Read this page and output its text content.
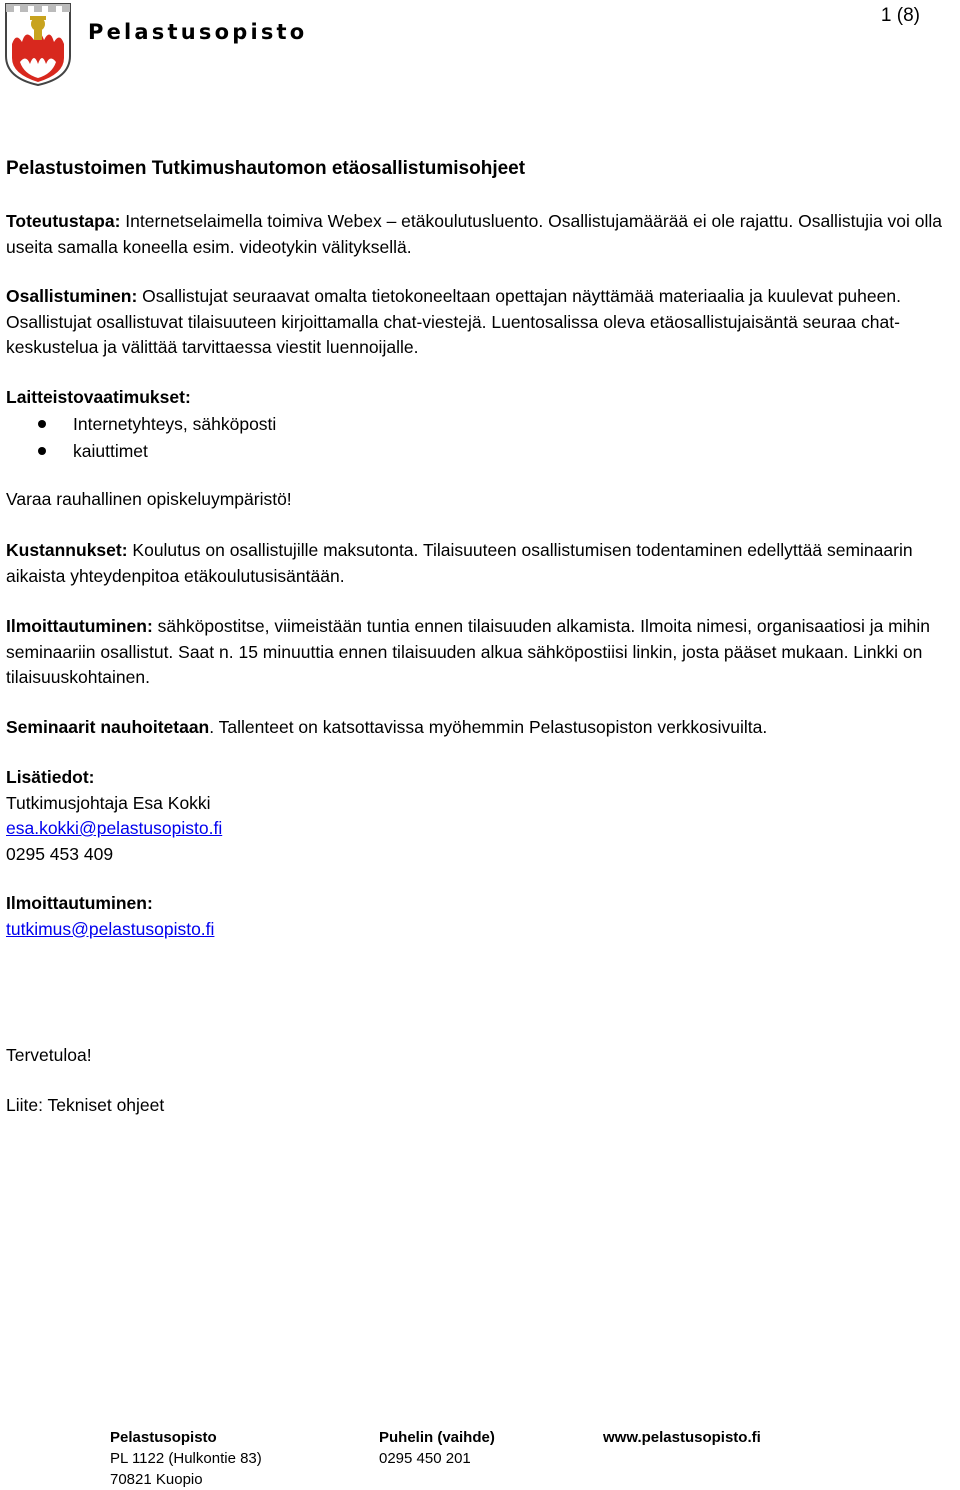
Pelastusopisto
1 (8)
Pelastustoimen Tutkimushautomon etäosallistumisohjeet
Toteutustapa: Internetselaimella toimiva Webex – etäkoulutusluento. Osallistujamäärää ei ole rajattu. Osallistujia voi olla useita samalla koneella esim. videotykin välityksellä.
Osallistuminen: Osallistujat seuraavat omalta tietokoneeltaan opettajan näyttämää materiaalia ja kuulevat puheen. Osallistujat osallistuvat tilaisuuteen kirjoittamalla chat-viestejä. Luentosalissa oleva etäosallistujaisäntä seuraa chat-keskustelua ja välittää tarvittaessa viestit luennoijalle.
Laitteistovaatimukset:
Internetyhteys, sähköposti
kaiuttimet
Varaa rauhallinen opiskeluympäristö!
Kustannukset: Koulutus on osallistujille maksutonta. Tilaisuuteen osallistumisen todentaminen edellyttää seminaarin aikaista yhteydenpitoa etäkoulutusisäntään.
Ilmoittautuminen: sähköpostitse, viimeistään tuntia ennen tilaisuuden alkamista. Ilmoita nimesi, organisaatiosi ja mihin seminaariin osallistut. Saat n. 15 minuuttia ennen tilaisuuden alkua sähköpostiisi linkin, josta pääset mukaan. Linkki on tilaisuuskohtainen.
Seminaarit nauhoitetaan. Tallenteet on katsottavissa myöhemmin Pelastusopiston verkkosivuilta.
Lisätiedot:
Tutkimusjohtaja Esa Kokki
esa.kokki@pelastusopisto.fi
0295 453 409
Ilmoittautuminen:
tutkimus@pelastusopisto.fi
Tervetuloa!
Liite: Tekniset ohjeet
Pelastusopisto
PL 1122 (Hulkontie 83)
70821 Kuopio
Puhelin (vaihde)
0295 450 201
www.pelastusopisto.fi
